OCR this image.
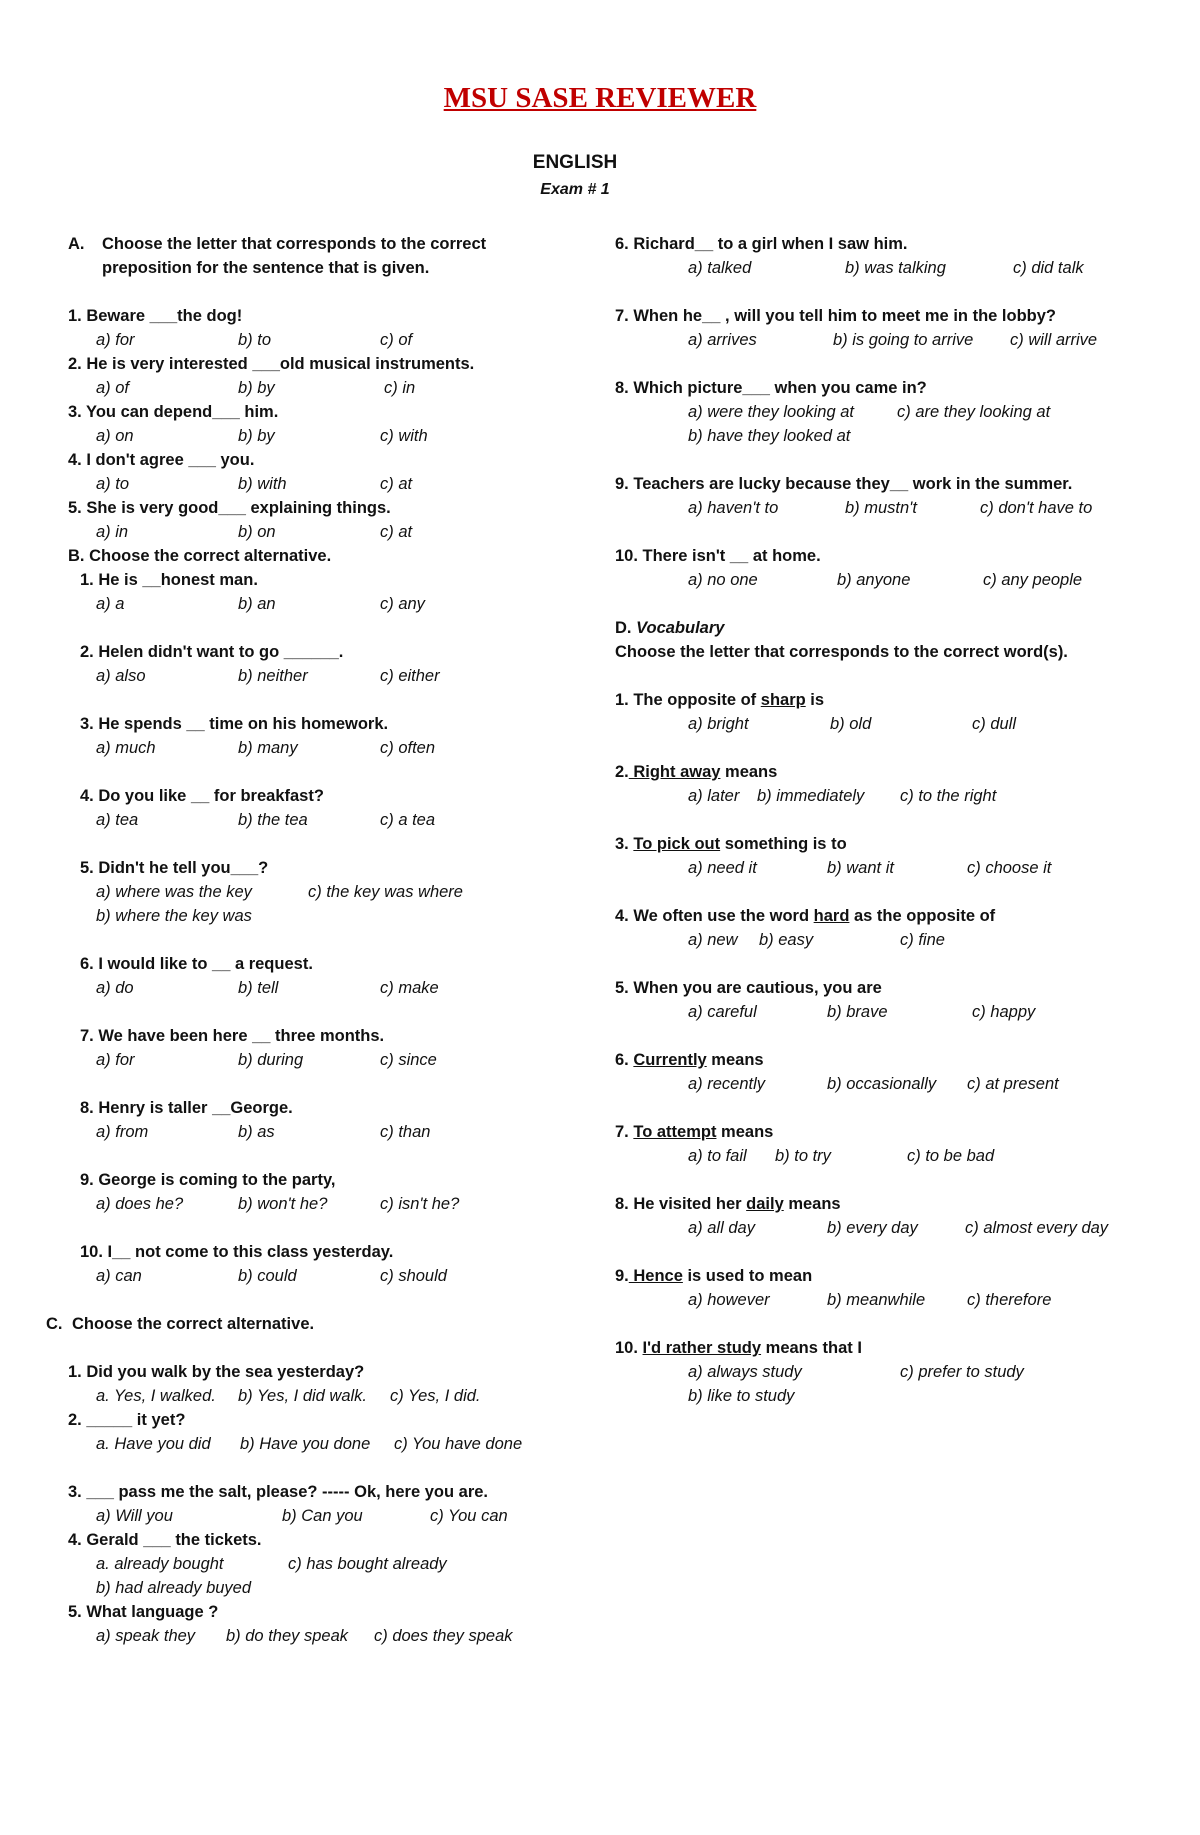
MSU SASE REVIEWER
ENGLISH
Exam # 1
A. Choose the letter that corresponds to the correct
preposition for the sentence that is given.
1. Beware ___the dog!
a) for	b) to	c) of
2. He is very interested ___old musical instruments.
a) of	b) by	c) in
3. You can depend___ him.
a) on	b) by	c) with
4. I don't agree ___ you.
a) to	b) with	c) at
5. She is very good___ explaining things.
a) in	b) on	c) at
B. Choose the correct alternative.
1. He is __honest man.
a) a	b) an	c) any
2. Helen didn't want to go ______.
a) also	b) neither	c) either
3. He spends __ time on his homework.
a) much	b) many	c) often
4. Do you like __ for breakfast?
a) tea	b) the tea	c) a tea
5. Didn't he tell you___?
a) where was the key	c) the key was where
b) where the key was
6. I would like to __ a request.
a) do	b) tell	c) make
7. We have been here __ three months.
a) for	b) during	c) since
8. Henry is taller __George.
a) from	b) as	c) than
9. George is coming to the party,
a) does he?	b) won't he?	c) isn't he?
10. I__ not come to this class yesterday.
a) can	b) could	c) should
C. Choose the correct alternative.
1. Did you walk by the sea yesterday?
a. Yes, I walked. b) Yes, I did walk. c) Yes, I did.
2. _____ it yet?
a. Have you did b) Have you done c) You have done
3. ___ pass me the salt, please? ----- Ok, here you are.
a) Will you	b) Can you	c) You can
4. Gerald ___ the tickets.
a. already bought	c) has bought already
b) had already buyed
5. What language ?
a) speak they b) do they speak c) does they speak
6. Richard__ to a girl when I saw him.
a) talked	b) was talking	c) did talk
7. When he__ , will you tell him to meet me in the lobby?
a) arrives	b) is going to arrive c) will arrive
8. Which picture___ when you came in?
a) were they looking at	c) are they looking at
b) have they looked at
9. Teachers are lucky because they__ work in the summer.
a) haven't to	b) mustn't	c) don't have to
10. There isn't __ at home.
a) no one	b) anyone	c) any people
D. Vocabulary
Choose the letter that corresponds to the correct word(s).
1. The opposite of sharp is
a) bright	b) old	c) dull
2. Right away means
a) later b) immediately c) to the right
3. To pick out something is to
a) need it	b) want it	c) choose it
4. We often use the word hard as the opposite of
a) new b) easy	c) fine
5. When you are cautious, you are
a) careful	b) brave	c) happy
6. Currently means
a) recently	b) occasionally c) at present
7. To attempt means
a) to fail b) to try	c) to be bad
8. He visited her daily means
a) all day	b) every day	c) almost every day
9. Hence is used to mean
a) however	b) meanwhile	c) therefore
10. I'd rather study means that I
a) always study	c) prefer to study
b) like to study
